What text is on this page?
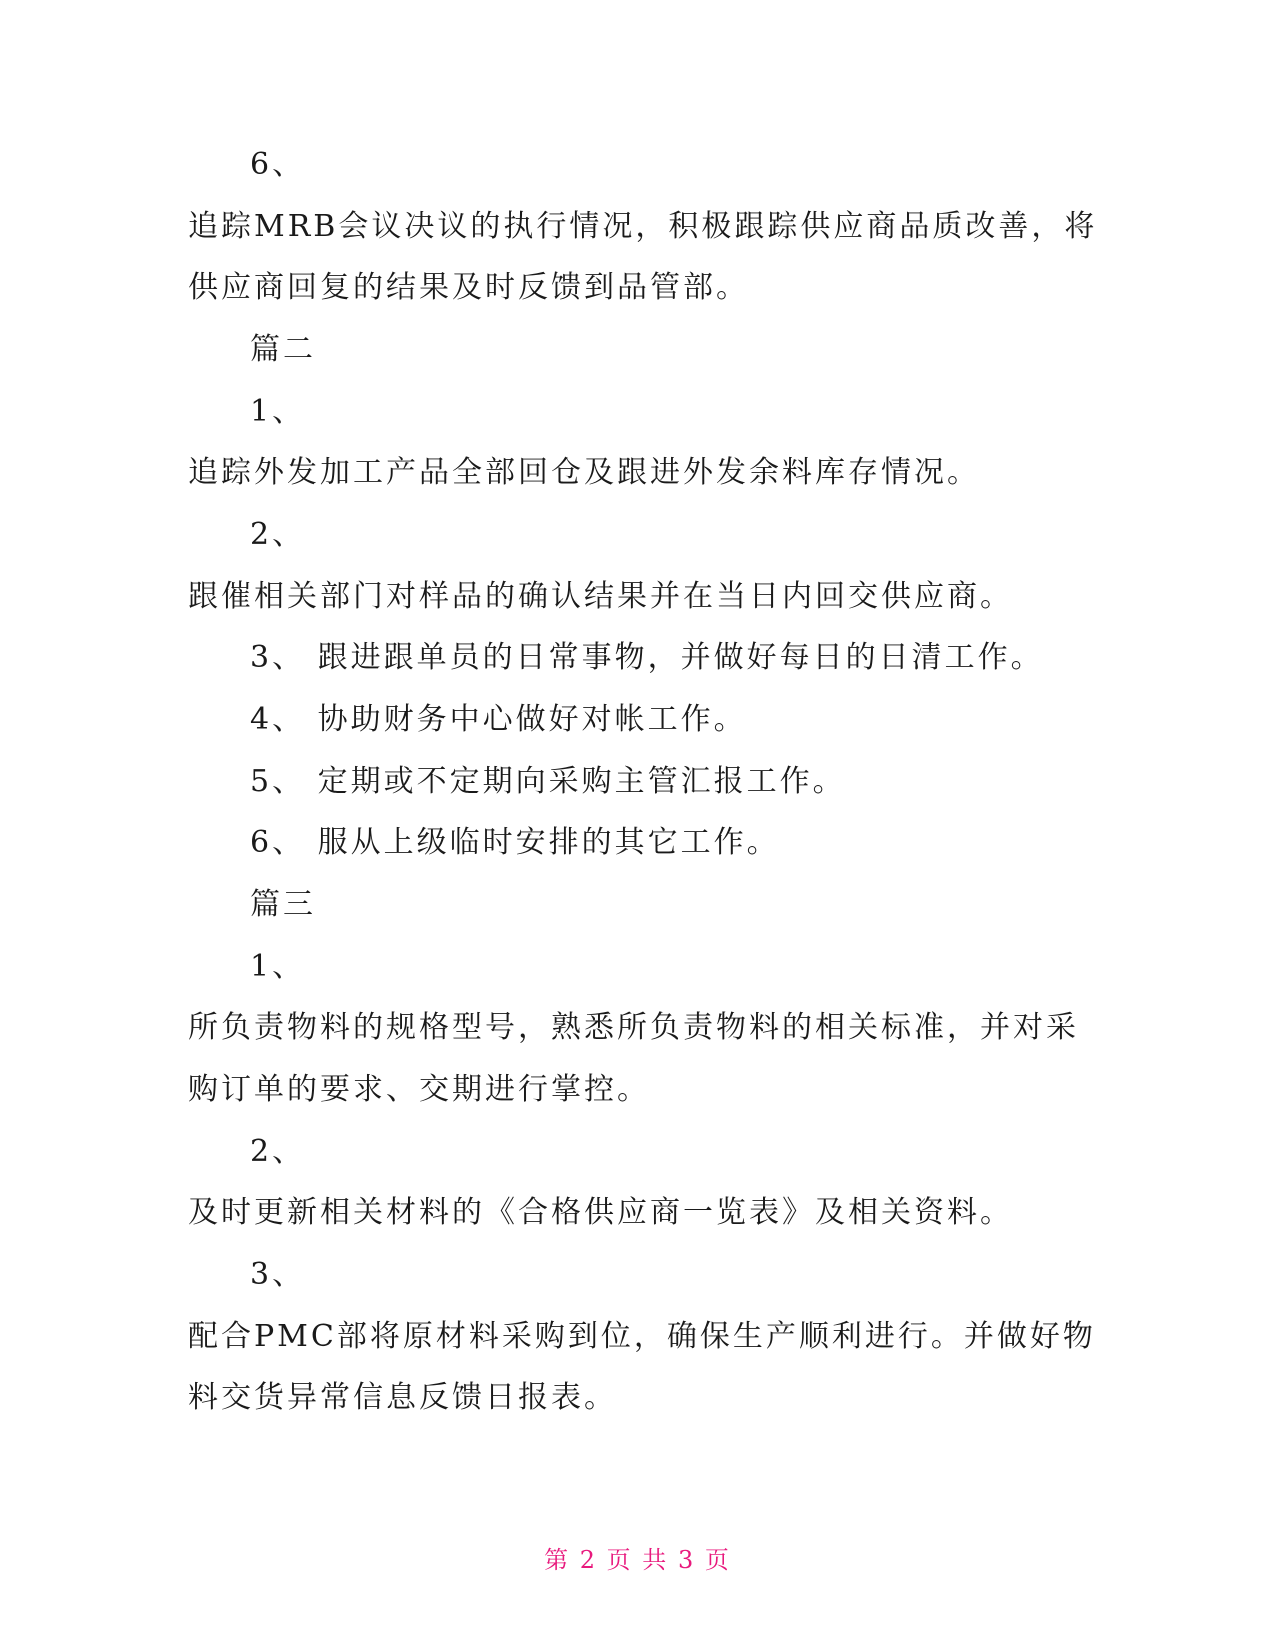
6、
追踪MRB会议决议的执行情况，积极跟踪供应商品质改善，将
供应商回复的结果及时反馈到品管部。
篇二
1、
追踪外发加工产品全部回仓及跟进外发余料库存情况。
2、
跟催相关部门对样品的确认结果并在当日内回交供应商。
3、 跟进跟单员的日常事物，并做好每日的日清工作。
4、 协助财务中心做好对帐工作。
5、 定期或不定期向采购主管汇报工作。
6、 服从上级临时安排的其它工作。
篇三
1、
所负责物料的规格型号，熟悉所负责物料的相关标准，并对采
购订单的要求、交期进行掌控。
2、
及时更新相关材料的《合格供应商一览表》及相关资料。
3、
配合PMC部将原材料采购到位，确保生产顺利进行。并做好物
料交货异常信息反馈日报表。
第 2 页 共 3 页
